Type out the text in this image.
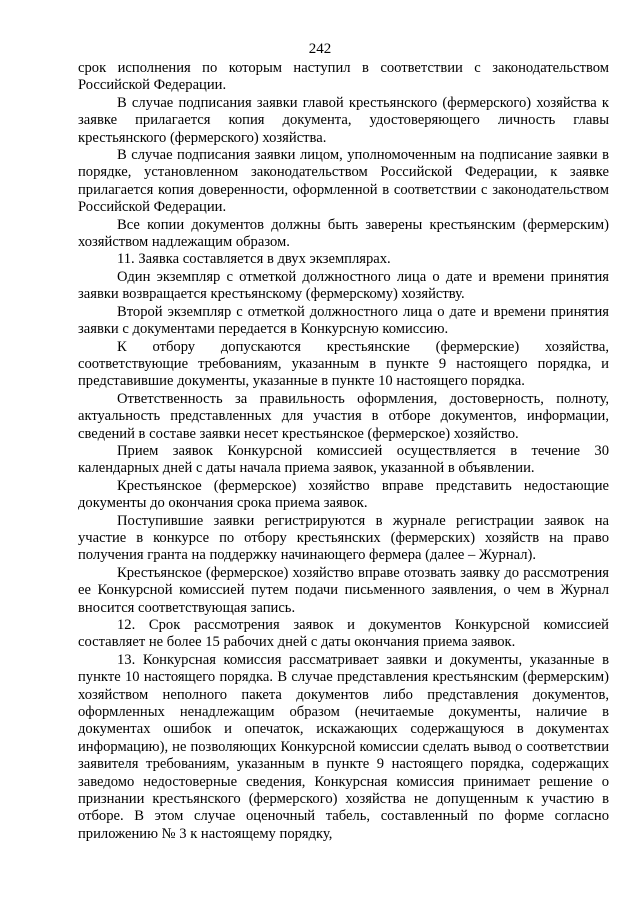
242

срок исполнения по которым наступил в соответствии с законодательством Российской Федерации.

В случае подписания заявки главой крестьянского (фермерского) хозяйства к заявке прилагается копия документа, удостоверяющего личность главы крестьянского (фермерского) хозяйства.

В случае подписания заявки лицом, уполномоченным на подписание заявки в порядке, установленном законодательством Российской Федерации, к заявке прилагается копия доверенности, оформленной в соответствии с законодательством Российской Федерации.

Все копии документов должны быть заверены крестьянским (фермерским) хозяйством надлежащим образом.

11. Заявка составляется в двух экземплярах.

Один экземпляр с отметкой должностного лица о дате и времени принятия заявки возвращается крестьянскому (фермерскому) хозяйству.

Второй экземпляр с отметкой должностного лица о дате и времени принятия заявки с документами передается в Конкурсную комиссию.

К отбору допускаются крестьянские (фермерские) хозяйства, соответствующие требованиям, указанным в пункте 9 настоящего порядка, и представившие документы, указанные в пункте 10 настоящего порядка.

Ответственность за правильность оформления, достоверность, полноту, актуальность представленных для участия в отборе документов, информации, сведений в составе заявки несет крестьянское (фермерское) хозяйство.

Прием заявок Конкурсной комиссией осуществляется в течение 30 календарных дней с даты начала приема заявок, указанной в объявлении.

Крестьянское (фермерское) хозяйство вправе представить недостающие документы до окончания срока приема заявок.

Поступившие заявки регистрируются в журнале регистрации заявок на участие в конкурсе по отбору крестьянских (фермерских) хозяйств на право получения гранта на поддержку начинающего фермера (далее – Журнал).

Крестьянское (фермерское) хозяйство вправе отозвать заявку до рассмотрения ее Конкурсной комиссией путем подачи письменного заявления, о чем в Журнал вносится соответствующая запись.

12. Срок рассмотрения заявок и документов Конкурсной комиссией составляет не более 15 рабочих дней с даты окончания приема заявок.

13. Конкурсная комиссия рассматривает заявки и документы, указанные в пункте 10 настоящего порядка. В случае представления крестьянским (фермерским) хозяйством неполного пакета документов либо представления документов, оформленных ненадлежащим образом (нечитаемые документы, наличие в документах ошибок и опечаток, искажающих содержащуюся в документах информацию), не позволяющих Конкурсной комиссии сделать вывод о соответствии заявителя требованиям, указанным в пункте 9 настоящего порядка, содержащих заведомо недостоверные сведения, Конкурсная комиссия принимает решение о признании крестьянского (фермерского) хозяйства не допущенным к участию в отборе. В этом случае оценочный табель, составленный по форме согласно приложению № 3 к настоящему порядку,
